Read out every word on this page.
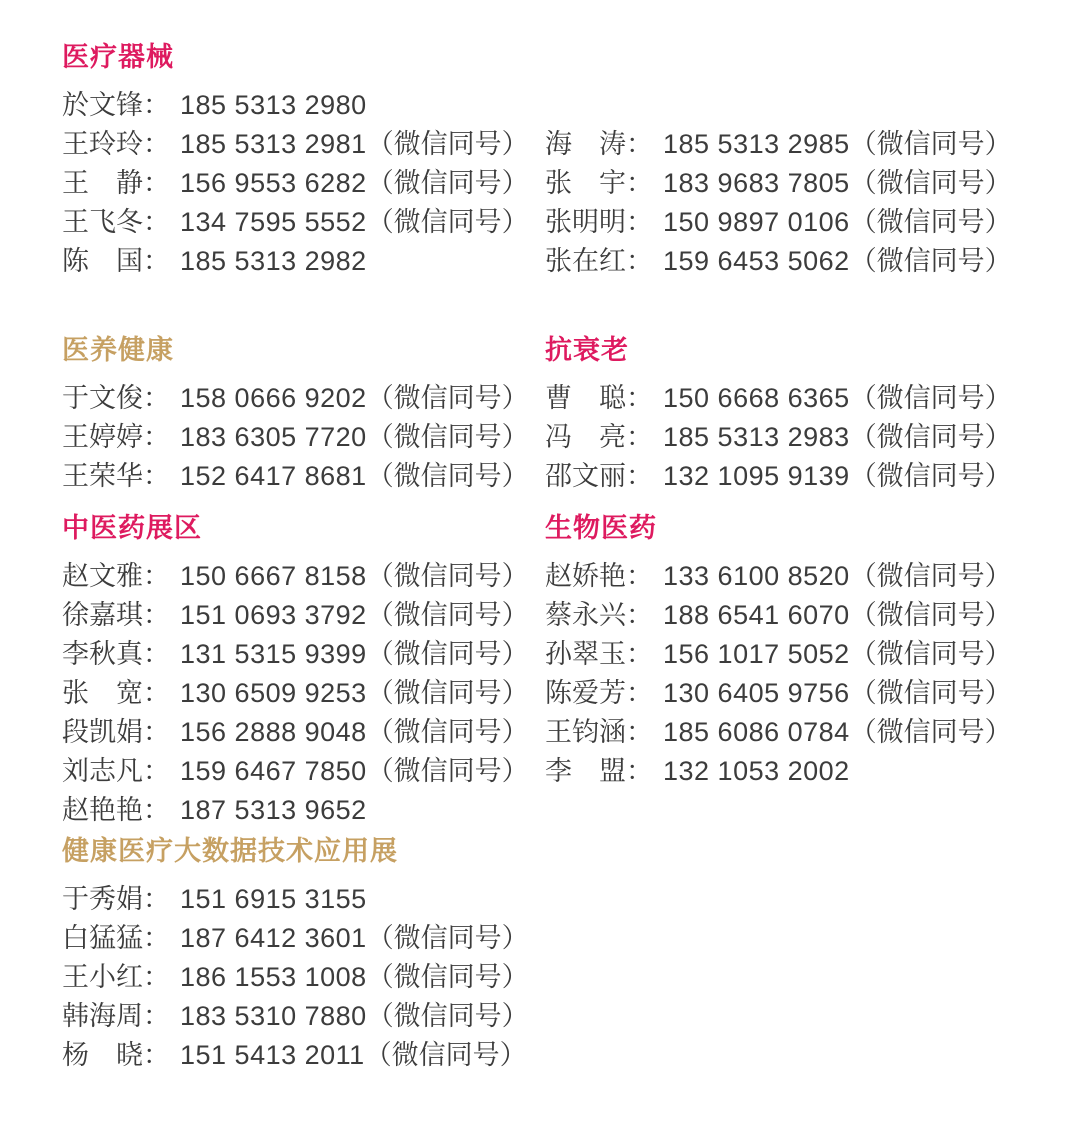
医疗器械
於文锋： 185 5313 2980
王玲玲： 185 5313 2981（微信同号）
王　静： 156 9553 6282（微信同号）
王飞冬： 134 7595 5552（微信同号）
陈　国： 185 5313 2982
海　涛： 185 5313 2985（微信同号）
张　宇： 183 9683 7805（微信同号）
张明明： 150 9897 0106（微信同号）
张在红： 159 6453 5062（微信同号）
医养健康
于文俊： 158 0666 9202（微信同号）
王婷婷： 183 6305 7720（微信同号）
王荣华： 152 6417 8681（微信同号）
抗衰老
曹　聪： 150 6668 6365（微信同号）
冯　亮： 185 5313 2983（微信同号）
邵文丽： 132 1095 9139（微信同号）
中医药展区
赵文雅： 150 6667 8158（微信同号）
徐嘉琪： 151 0693 3792（微信同号）
李秋真： 131 5315 9399（微信同号）
张　宽： 130 6509 9253（微信同号）
段凯娟： 156 2888 9048（微信同号）
刘志凡： 159 6467 7850（微信同号）
赵艳艳： 187 5313 9652
生物医药
赵娇艳： 133 6100 8520（微信同号）
蔡永兴： 188 6541 6070（微信同号）
孙翠玉： 156 1017 5052（微信同号）
陈爱芳： 130 6405 9756（微信同号）
王钧涵： 185 6086 0784（微信同号）
李　盟： 132 1053 2002
健康医疗大数据技术应用展
于秀娟： 151 6915 3155
白猛猛： 187 6412 3601（微信同号）
王小红： 186 1553 1008（微信同号）
韩海周： 183 5310 7880（微信同号）
杨　晓： 151 5413 2011（微信同号）
